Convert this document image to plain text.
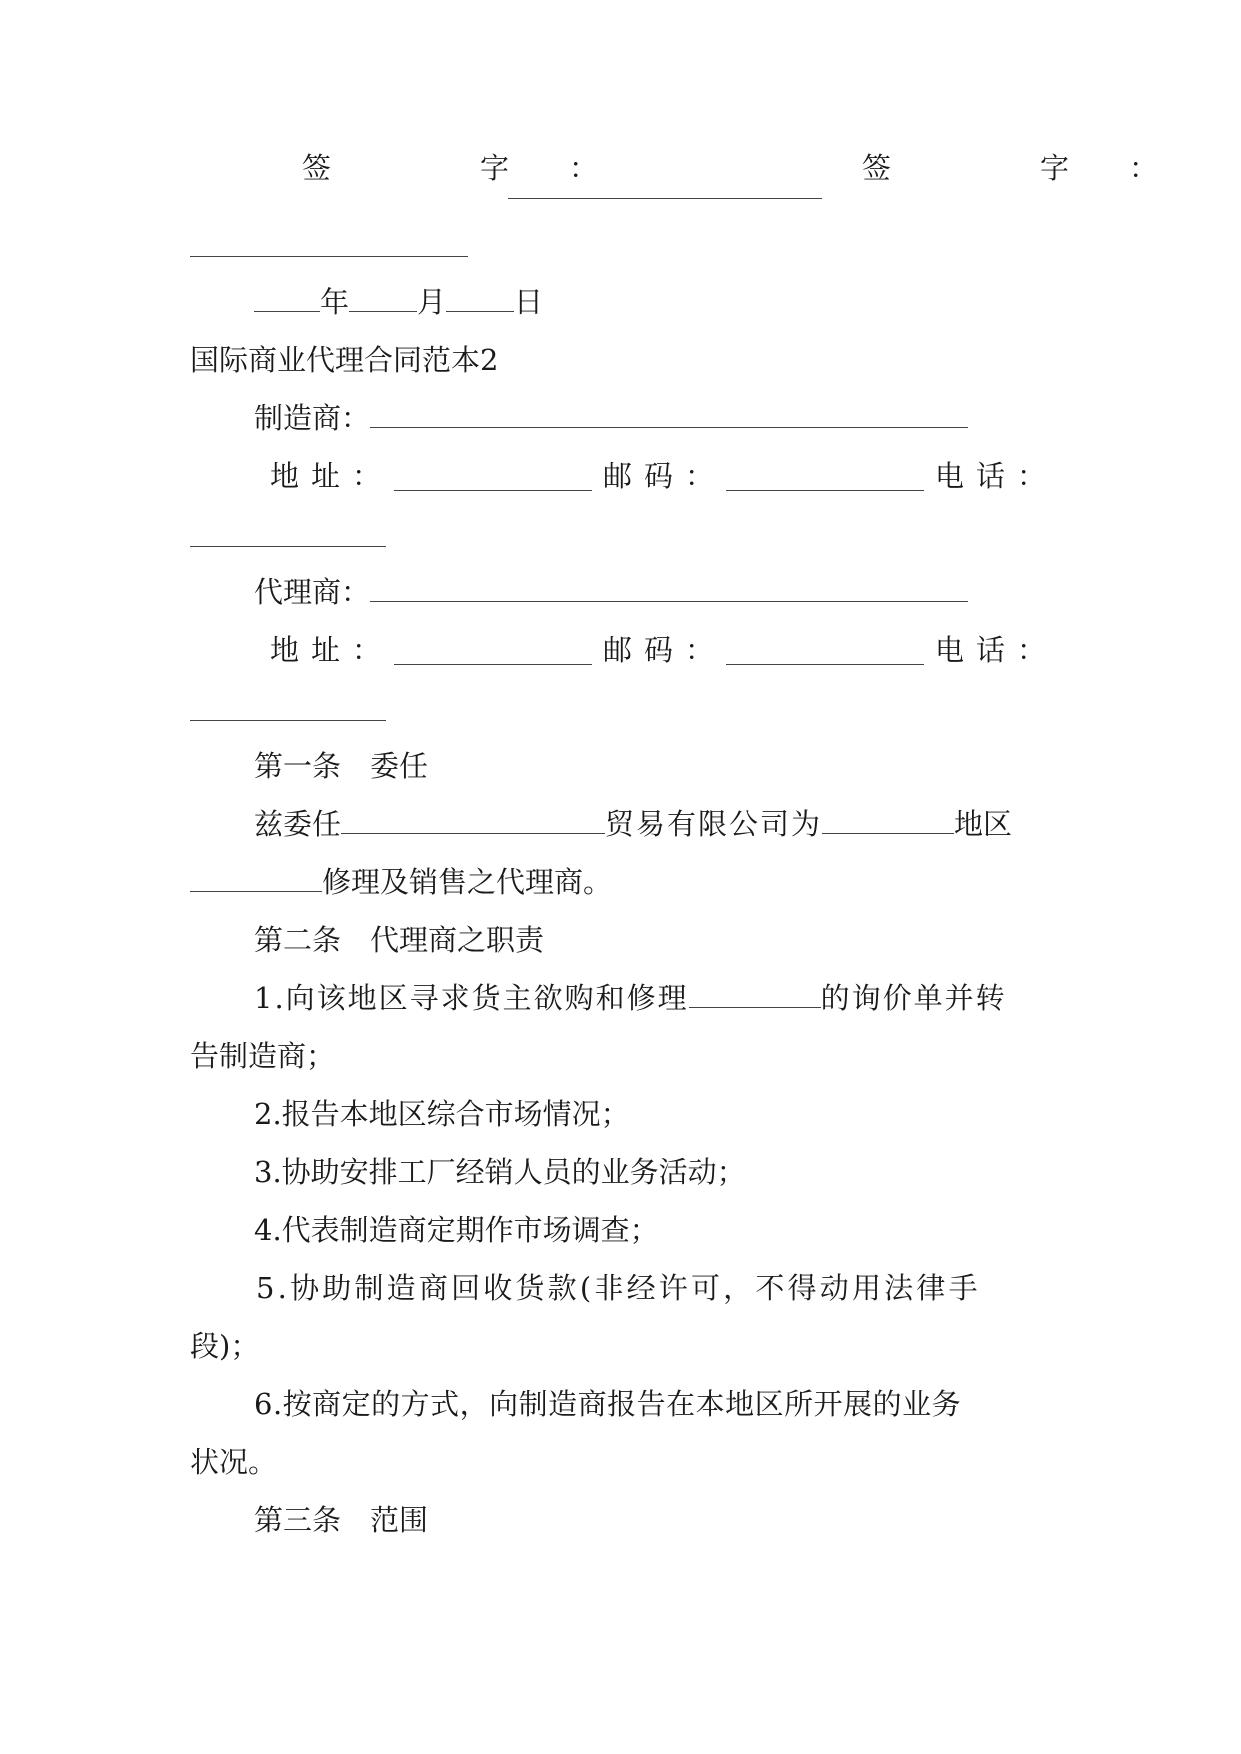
签　字：	签　字：
年 月 日
国际商业代理合同范本2
制造商：
地址：	邮码：	电话：
代理商：
地址：	邮码：	电话：
第一条　委任
兹委任	贸易有限公司为	地区
修理及销售之代理商。
第二条　代理商之职责
1.向该地区寻求货主欲购和修理	的询价单并转
告制造商；
2.报告本地区综合市场情况；
3.协助安排工厂经销人员的业务活动；
4.代表制造商定期作市场调查；
5.协助制造商回收货款(非经许可，不得动用法律手
段)；
6.按商定的方式，向制造商报告在本地区所开展的业务
状况。
第三条　范围
